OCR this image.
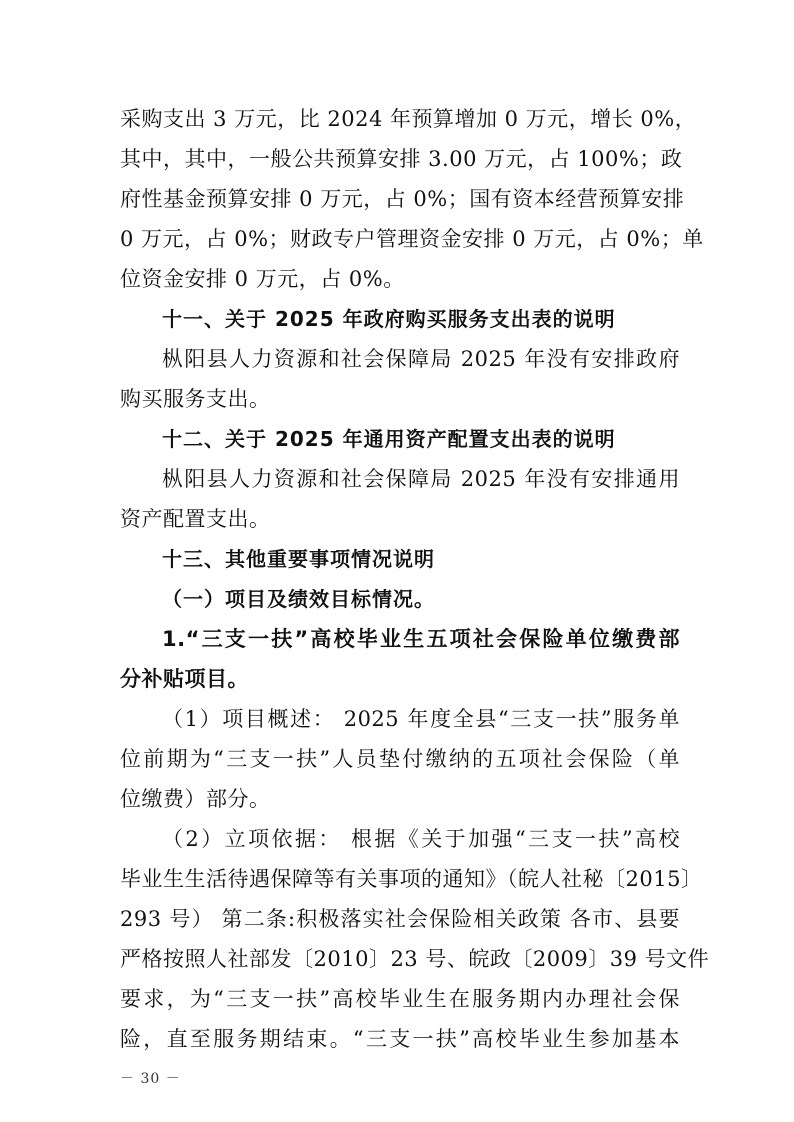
采购支出 3 万元，比 2024 年预算增加 0 万元，增长 0%，
其中，其中，一般公共预算安排 3.00 万元，占 100%；政
府性基金预算安排 0 万元，占 0%；国有资本经营预算安排
0 万元，占 0%；财政专户管理资金安排 0 万元，占 0%；单
位资金安排 0 万元，占 0%。
十一、关于 2025 年政府购买服务支出表的说明
枞阳县人力资源和社会保障局 2025 年没有安排政府
购买服务支出。
十二、关于 2025 年通用资产配置支出表的说明
枞阳县人力资源和社会保障局 2025 年没有安排通用
资产配置支出。
十三、其他重要事项情况说明
（一）项目及绩效目标情况。
1.“三支一扶”高校毕业生五项社会保险单位缴费部
分补贴项目。
（1）项目概述： 2025 年度全县“三支一扶”服务单
位前期为“三支一扶”人员垫付缴纳的五项社会保险（单
位缴费）部分。
（2）立项依据： 根据《关于加强“三支一扶”高校
毕业生生活待遇保障等有关事项的通知》（皖人社秘〔2015〕
293 号） 第二条:积极落实社会保险相关政策 各市、县要
严格按照人社部发〔2010〕23 号、皖政〔2009〕39 号文件
要求，为“三支一扶”高校毕业生在服务期内办理社会保
险，直至服务期结束。“三支一扶”高校毕业生参加基本
－ 30 －
